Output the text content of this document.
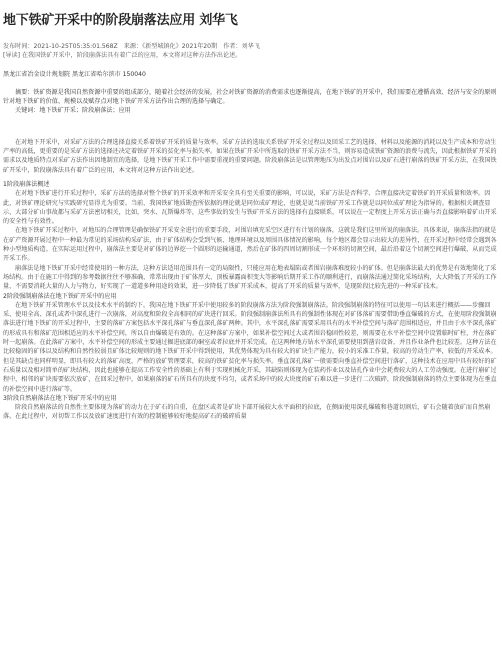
地下铁矿开采中的阶段崩落法应用 刘华飞

发布时间：2021-10-25T05:35:01.568Z　来源：《新型城镇化》2021年20期　作者：刘华飞

[导读] 在我国铁矿开采中，阶段崩落法具有着广泛的应用，本文将对这种方法作出论述。

黑龙江省冶金设计规划院 黑龙江省哈尔滨市 150040

摘要：铁矿资源是我国自然资源中重要的组成部分，随着社会经济的发展，社会对铁矿资源的消费需求也逐渐提高，在地下铁矿的开采中，我们需要在遵循高效、经济与安全的原则针对地下铁矿的价值、规模以及赋存点对地下铁矿开采方法作出合理的选择与确定。

关键词：地下铁矿开采；阶段崩落法；应用

在对地下开采中，对采矿方法的合理选择直接关系着铁矿开采的质量与效率。采矿方法的选取关系铁矿开采全过程以及回采工艺的选择、材料以及能源的消耗以及生产成本和劳动生产率的高低，更重要的是采矿方法的选择还决定着铁矿开采的贫化率与损失率。如果在铁矿开采中所选取的铁矿开采方法不当，则容易造成铁矿资源的浪费与流失，因此根据铁矿开采的需求以及地质特点对采矿方法作出因地制宜的选择，是地下铁矿开采工作中需要重视的重要问题。阶段崩落法是以管理地压为出发点对围岩以及矿石进行崩落的铁矿开采方法，在我国铁矿开采中，阶段崩落法具有着广泛的应用，本文将对这种方法作出论述。

1阶段崩落法概述

在对地下铁矿进行开采过程中，采矿方法的选择对整个铁矿的开采效率和开采安全具有至关重要的影响，可以说，采矿方法是否科学、合理直接决定着铁矿的开采质量和效率。因此，对铁矿理论研究与实践研究显得尤为重要。当前，我国铁矿地质勘查所依据的理论就是同位成矿理论，也就是说当前铁矿开采工作就是以同位成矿理论为指导的。根据相关调查显示，大部分矿山事故都与采矿方法密切相关，比如，突水、瓦斯爆炸等，这些事故的发生与铁矿开采方法的选择有直接联系，可以说在一定程度上开采方法正确与否直接影响着矿山开采的安全性与有效性。

在地下铁矿开采过程中，对地压的合理管理是确保铁矿开采安全进行的重要手段，对围岩填充采空区进行有计划的崩落，这就是我们这里所说的崩落法。具体来说，崩落法指的就是在矿产资源开展过程中一种最为常见的采场结构采矿法，由于矿体结构会受到气候、地理环境以及周围具体情况的影响，每个地区都会显示出较大的差异性，在开采过程中经常会遇到各种小型地质构造。在实际运用过程中，崩落法主要是对矿体的边界挖一个圆形的运输通道，然后在矿体的四周切割形成一个环形的切割空间，最后沿着这个切割空间进行爆破，从而完成开采工作。

崩落法是地下铁矿开采中经常使用的一种方法，这种方法适用范围具有一定的局限性，只能应用在地表塌陷或者围岩崩落难度较小的矿体。但是崩落法最大的优势是有效地简化了采场结构。由于在施工中得到的参考数据往往不够准确，常常出现由于矿体厚大、顶板暴露面积变大等影响后期开采工作的顺利进行，而崩落法通过简化采场结构，大大降低了开采的工作量，不需要消耗大量的人力与物力，好实现了一道道多种用途的效果，进一步降低了铁矿开采成本，提高了开采的质量与效率，是现阶段比较先进的一种采矿技术。

2阶段强制崩落法在地下铁矿开采中的应用

在地下铁矿开采管理水平以及技术水平的制约下，我国在地下铁矿开采中使用较多的阶段崩落方法为阶段强制崩落法。阶段强制崩落的特征可以使用一句话来进行概括——步骤回采，使用全高、深孔或者中深孔进行一次崩落，对高度和阶段全高相同的矿块进行回采。阶段强制崩落法所具有的强制性体现在对矿体落矿需要借助垂直爆破的方式，在使用阶段强制崩落法进行地下铁矿的开采过程中，主要的落矿方案包括水平深孔落矿与垂直深孔落矿两种。其中，水平深孔落矿需要采用具有的水平补偿空间与落矿范围相适应，并且由于水平深孔落矿的形成具有和落矿范围相适应的水平补偿空间，所以自由爆破是有效的。在这种落矿方案中，如果补偿空间过大或者围岩稳固性较差，则需要在水平补偿空间中设置临时矿柱，并在落矿时一起崩落。在此落矿方案中，水平补偿空间的形成主要通过掘进底部的硐室或者拉底并开采完成。在这两种地方钻水平深孔需要使用到凿岩设备，并且作业条件也比较差。这种方法在比较稳固的矿体以及结构和自然性较弱且矿体比较规则的地下铁矿开采中得到使用，其优势体现为具有较大的矿块生产能力，较小的采准工作量，较高的劳动生产率，较低的开采成本。但是其缺点也同样明显，即具有较大的落矿高度，严格的放矿管理要求，较高的铁矿贫化率与损失率。垂直深孔落矿一般需要向垂直补偿空间进行落矿，这种技术在应用中具有较好的矿石质量以及相对简单的矿块结构，因此也能够在提高工作安全性的基础上有利于实现机械化开采，其缺陷则体现为在装药作业以及钻孔作业中会耗费较大的人工劳动强度。在进行崩矿过程中，相邻的矿块需要依次放矿，在回采过程中，如果崩落的矿石所具有的块度不均匀，或者采场中的较大块度的矿石难以进一步进行二次破碎，阶段强制崩落的特点主要体现为在垂直的补偿空间中进行落矿等。

3阶段自然崩落法在地下铁矿开采中的应用

阶段自然崩落法的自然性主要体现为落矿的动力在于矿石的自重，在盘区或者是矿块下部开展较大水平面积的拉底，在侧面使用深孔爆破和巷道切割后，矿石会随着放矿而自然崩落。在此过程中，对切帮工作以及放矿速度进行有效的控制能够较好地提高矿石的破碎质量
